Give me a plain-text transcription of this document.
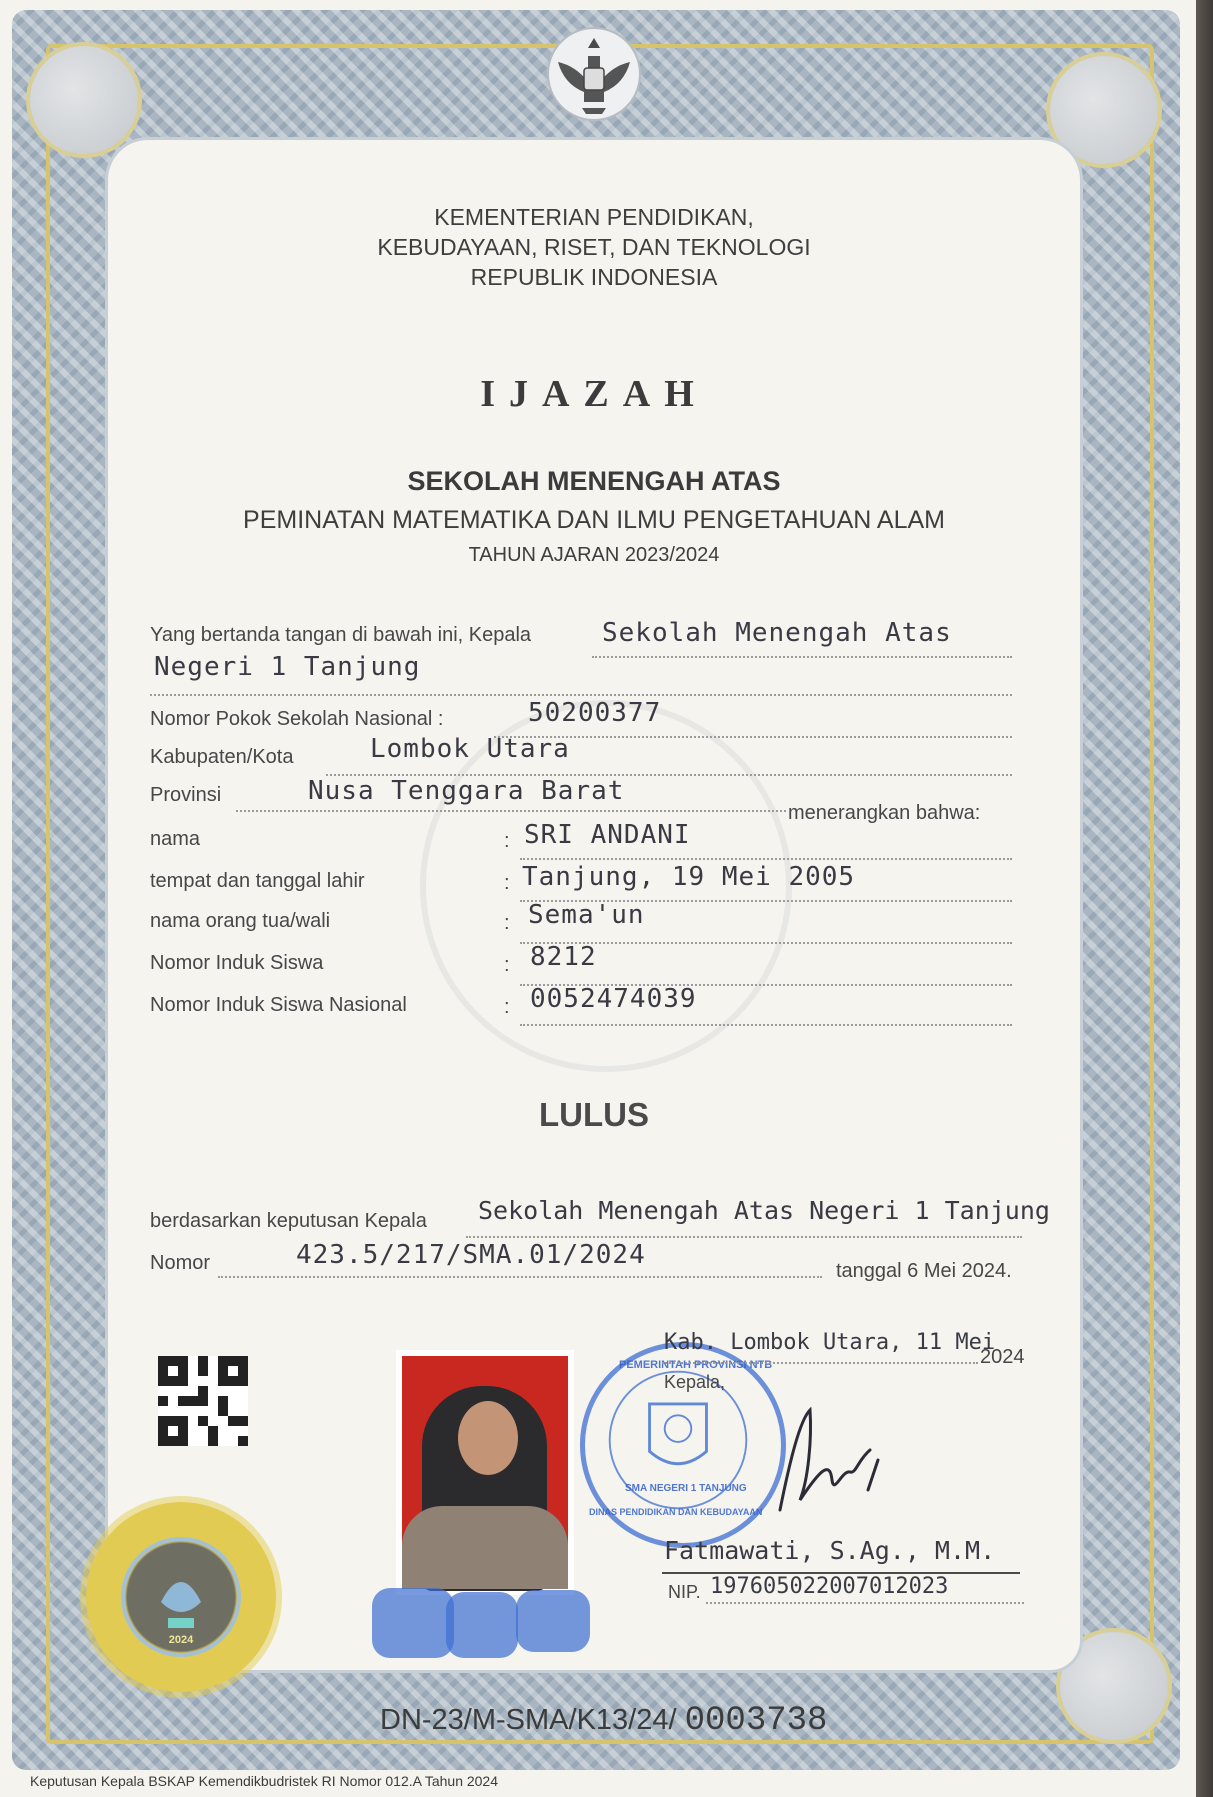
KEMENTERIAN PENDIDIKAN,
KEBUDAYAAN, RISET, DAN TEKNOLOGI
REPUBLIK INDONESIA
IJAZAH
SEKOLAH MENENGAH ATAS
PEMINATAN MATEMATIKA DAN ILMU PENGETAHUAN ALAM
TAHUN AJARAN 2023/2024
Yang bertanda tangan di bawah ini, Kepala	Sekolah Menengah Atas
Negeri 1 Tanjung
Nomor Pokok Sekolah Nasional :	50200377
Kabupaten/Kota	Lombok Utara
Provinsi	Nusa Tenggara Barat
menerangkan bahwa:
nama	: SRI ANDANI
tempat dan tanggal lahir	: Tanjung, 19 Mei 2005
nama orang tua/wali	: Sema'un
Nomor Induk Siswa	: 8212
Nomor Induk Siswa Nasional	: 0052474039
LULUS
berdasarkan keputusan Kepala Sekolah Menengah Atas Negeri 1 Tanjung
Nomor	423.5/217/SMA.01/2024
tanggal 6 Mei 2024.
PEMERINTAH PROVINSI NTB
SMA NEGERI 1 TANJUNG
DINAS PENDIDIKAN DAN KEBUDAYAAN
Kab. Lombok Utara, 11 Mei
2024
Kepala,
Fatmawati, S.Ag., M.M.
NIP. 197605022007012023
2024
DN-23/M-SMA/K13/24/ 0003738
Keputusan Kepala BSKAP Kemendikbudristek RI Nomor 012.A Tahun 2024
